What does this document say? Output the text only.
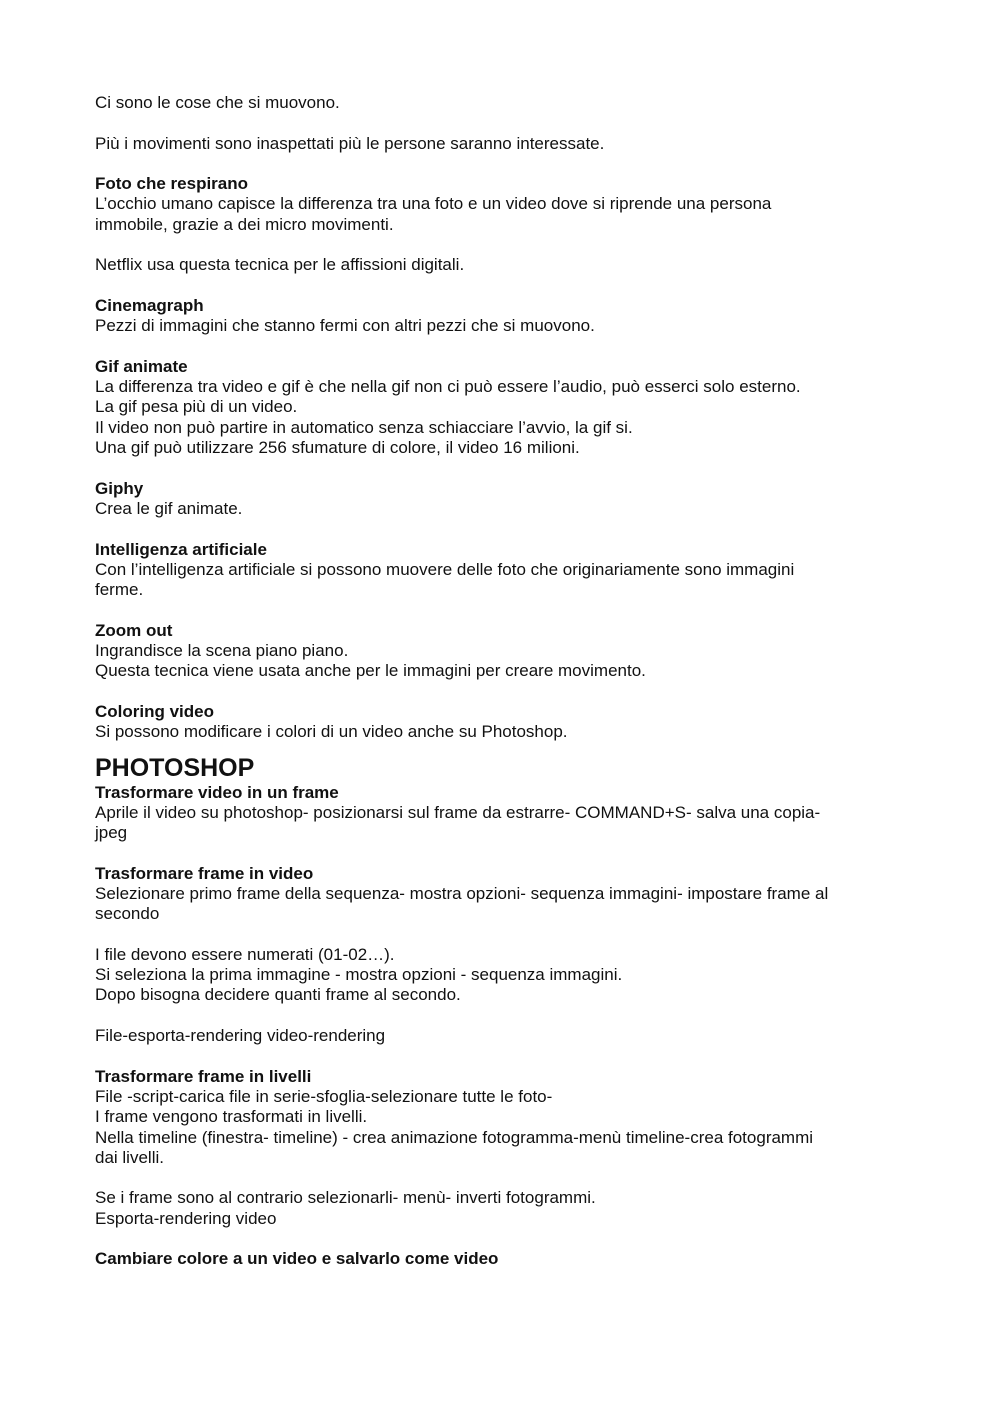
Ci sono le cose che si muovono.
Più i movimenti sono inaspettati più le persone saranno interessate.
Foto che respirano
L’occhio umano capisce la differenza tra una foto e un video dove si riprende una persona
immobile, grazie a dei micro movimenti.
Netflix usa questa tecnica per le affissioni digitali.
Cinemagraph
Pezzi di immagini che stanno fermi con altri pezzi che si muovono.
Gif animate
La differenza tra video e gif è che nella gif non ci può essere l’audio, può esserci solo esterno.
La gif pesa più di un video.
Il video non può partire in automatico senza schiacciare l’avvio, la gif si.
Una gif può utilizzare 256 sfumature di colore, il video 16 milioni.
Giphy
Crea le gif animate.
Intelligenza artificiale
Con l’intelligenza artificiale si possono muovere delle foto che originariamente sono immagini
ferme.
Zoom out
Ingrandisce la scena piano piano.
Questa tecnica viene usata anche per le immagini per creare movimento.
Coloring video
Si possono modificare i colori di un video anche su Photoshop.
PHOTOSHOP
Trasformare video in un frame
Aprile il video su photoshop- posizionarsi sul frame da estrarre- COMMAND+S- salva una copia-
jpeg
Trasformare frame in video
Selezionare primo frame della sequenza- mostra opzioni- sequenza immagini- impostare frame al
secondo
I file devono essere numerati (01-02…).
Si seleziona la prima immagine - mostra opzioni - sequenza immagini.
Dopo bisogna decidere quanti frame al secondo.
File-esporta-rendering video-rendering
Trasformare frame in livelli
File -script-carica file in serie-sfoglia-selezionare tutte le foto-
I frame vengono trasformati in livelli.
Nella timeline (finestra- timeline) - crea animazione fotogramma-menù timeline-crea fotogrammi
dai livelli.
Se i frame sono al contrario selezionarli- menù- inverti fotogrammi.
Esporta-rendering video
Cambiare colore a un video e salvarlo come video
